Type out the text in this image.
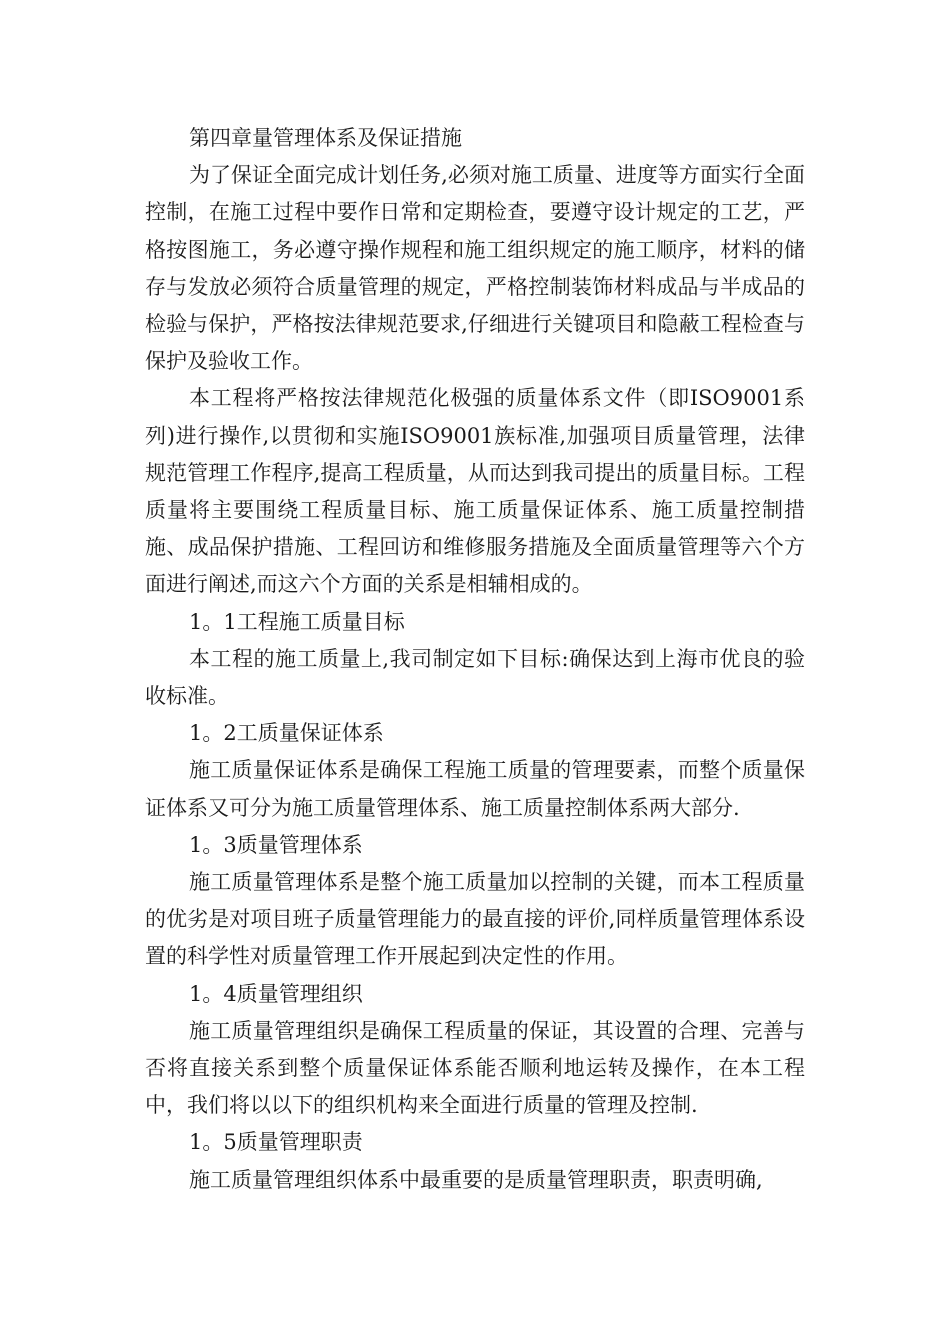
第四章量管理体系及保证措施

为了保证全面完成计划任务,必须对施工质量、进度等方面实行全面控制，在施工过程中要作日常和定期检查，要遵守设计规定的工艺，严格按图施工，务必遵守操作规程和施工组织规定的施工顺序，材料的储存与发放必须符合质量管理的规定，严格控制装饰材料成品与半成品的检验与保护，严格按法律规范要求,仔细进行关键项目和隐蔽工程检查与保护及验收工作。

本工程将严格按法律规范化极强的质量体系文件（即ISO9001系列)进行操作,以贯彻和实施ISO9001族标准,加强项目质量管理，法律规范管理工作程序,提高工程质量，从而达到我司提出的质量目标。工程质量将主要围绕工程质量目标、施工质量保证体系、施工质量控制措施、成品保护措施、工程回访和维修服务措施及全面质量管理等六个方面进行阐述,而这六个方面的关系是相辅相成的。

1。1工程施工质量目标

本工程的施工质量上,我司制定如下目标:确保达到上海市优良的验收标准。

1。2工质量保证体系

施工质量保证体系是确保工程施工质量的管理要素，而整个质量保证体系又可分为施工质量管理体系、施工质量控制体系两大部分.

1。3质量管理体系

施工质量管理体系是整个施工质量加以控制的关键，而本工程质量的优劣是对项目班子质量管理能力的最直接的评价,同样质量管理体系设置的科学性对质量管理工作开展起到决定性的作用。

1。4质量管理组织

施工质量管理组织是确保工程质量的保证，其设置的合理、完善与否将直接关系到整个质量保证体系能否顺利地运转及操作，在本工程中，我们将以以下的组织机构来全面进行质量的管理及控制.

1。5质量管理职责

施工质量管理组织体系中最重要的是质量管理职责，职责明确,
